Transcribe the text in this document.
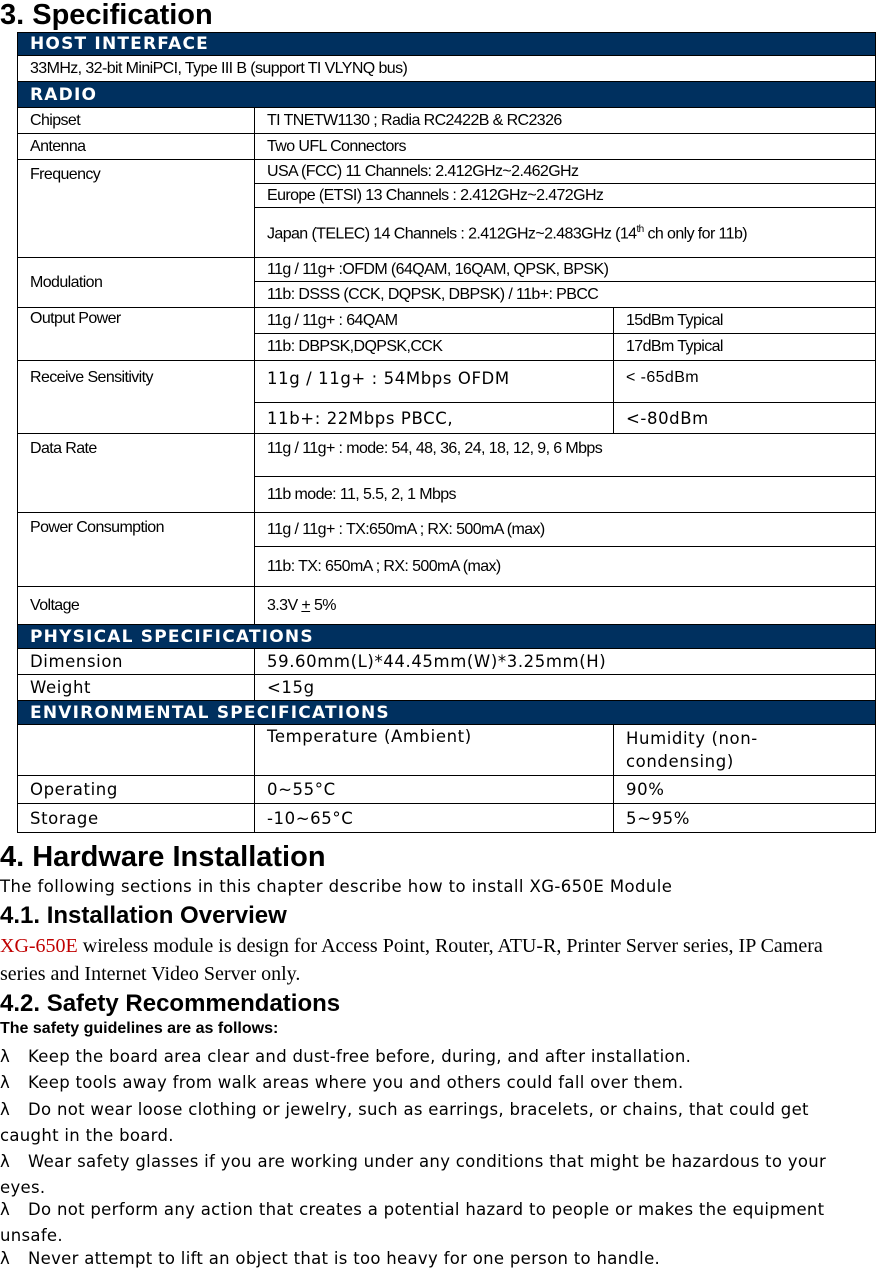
3. Specification
HOST INTERFACE		
33MHz, 32-bit MiniPCI, Type III B (support TI VLYNQ bus)		
RADIO		
Chipset	TI TNETW1130 ; Radia RC2422B & RC2326	
Antenna	Two UFL Connectors	
Frequency	USA (FCC) 11 Channels: 2.412GHz~2.462GHz	
	Europe (ETSI) 13 Channels : 2.412GHz~2.472GHz	
	Japan (TELEC) 14 Channels : 2.412GHz~2.483GHz (14th ch only for 11b)	
Modulation	11g / 11g+ :OFDM (64QAM, 16QAM, QPSK, BPSK)	
	11b: DSSS (CCK, DQPSK, DBPSK) / 11b+: PBCC	
Output Power	11g / 11g+ : 64QAM	15dBm Typical
	11b: DBPSK,DQPSK,CCK	17dBm Typical
Receive Sensitivity	11g / 11g+ : 54Mbps OFDM	< -65dBm
	11b+: 22Mbps PBCC,	<-80dBm
Data Rate	11g / 11g+ : mode: 54, 48, 36, 24, 18, 12, 9, 6 Mbps	
	11b mode: 11, 5.5, 2, 1 Mbps	
Power Consumption	11g / 11g+ : TX:650mA ; RX: 500mA (max)	
	11b: TX: 650mA ; RX: 500mA (max)	
Voltage	3.3V + 5%	
PHYSICAL SPECIFICATIONS		
Dimension	59.60mm(L)*44.45mm(W)*3.25mm(H)	
Weight	<15g	
ENVIRONMENTAL SPECIFICATIONS		
	Temperature (Ambient)	Humidity (non-condensing)
Operating	0~55°C	90%
Storage	-10~65°C	5~95%
4. Hardware Installation

The following sections in this chapter describe how to install XG-650E Module

4.1. Installation Overview

XG-650E wireless module is design for Access Point, Router, ATU-R, Printer Server series, IP Camera series and Internet Video Server only.

4.2. Safety Recommendations

The safety guidelines are as follows:

λ Keep the board area clear and dust-free before, during, and after installation.
λ Keep tools away from walk areas where you and others could fall over them.
λ Do not wear loose clothing or jewelry, such as earrings, bracelets, or chains, that could get caught in the board.
λ Wear safety glasses if you are working under any conditions that might be hazardous to your eyes.
λ Do not perform any action that creates a potential hazard to people or makes the equipment unsafe.
λ Never attempt to lift an object that is too heavy for one person to handle.
